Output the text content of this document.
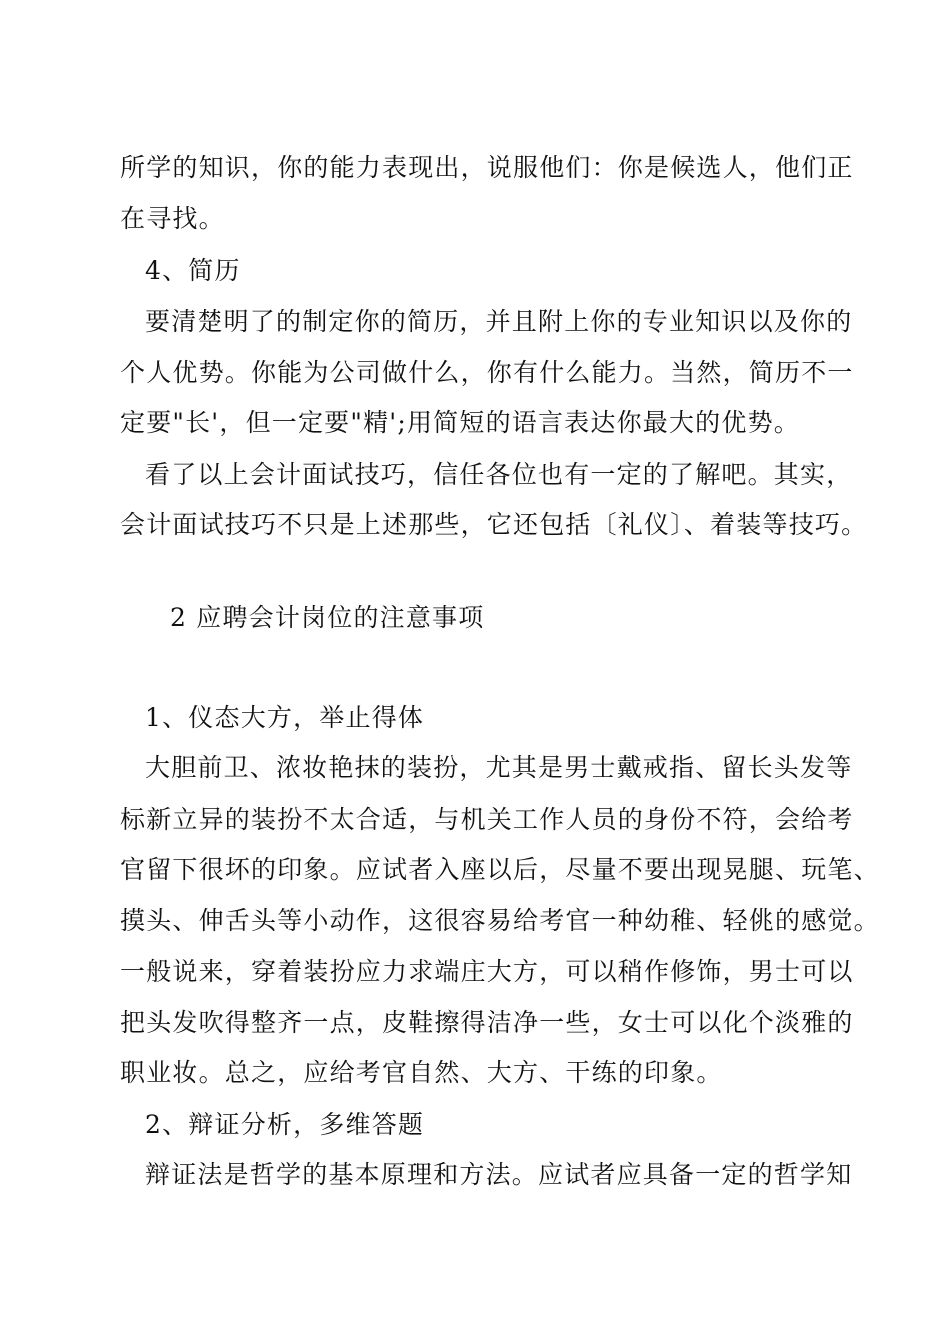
所学的知识，你的能力表现出，说服他们：你是候选人，他们正
在寻找。
4、简历
要清楚明了的制定你的简历，并且附上你的专业知识以及你的
个人优势。你能为公司做什么，你有什么能力。当然，简历不一
定要"长'，但一定要"精';用简短的语言表达你最大的优势。
看了以上会计面试技巧，信任各位也有一定的了解吧。其实，
会计面试技巧不只是上述那些，它还包括〔礼仪〕、着装等技巧。
2 应聘会计岗位的注意事项
1、仪态大方，举止得体
大胆前卫、浓妆艳抹的装扮，尤其是男士戴戒指、留长头发等
标新立异的装扮不太合适，与机关工作人员的身份不符，会给考
官留下很坏的印象。应试者入座以后，尽量不要出现晃腿、玩笔、
摸头、伸舌头等小动作，这很容易给考官一种幼稚、轻佻的感觉。
一般说来，穿着装扮应力求端庄大方，可以稍作修饰，男士可以
把头发吹得整齐一点，皮鞋擦得洁净一些，女士可以化个淡雅的
职业妆。总之，应给考官自然、大方、干练的印象。
2、辩证分析，多维答题
辩证法是哲学的基本原理和方法。应试者应具备一定的哲学知
